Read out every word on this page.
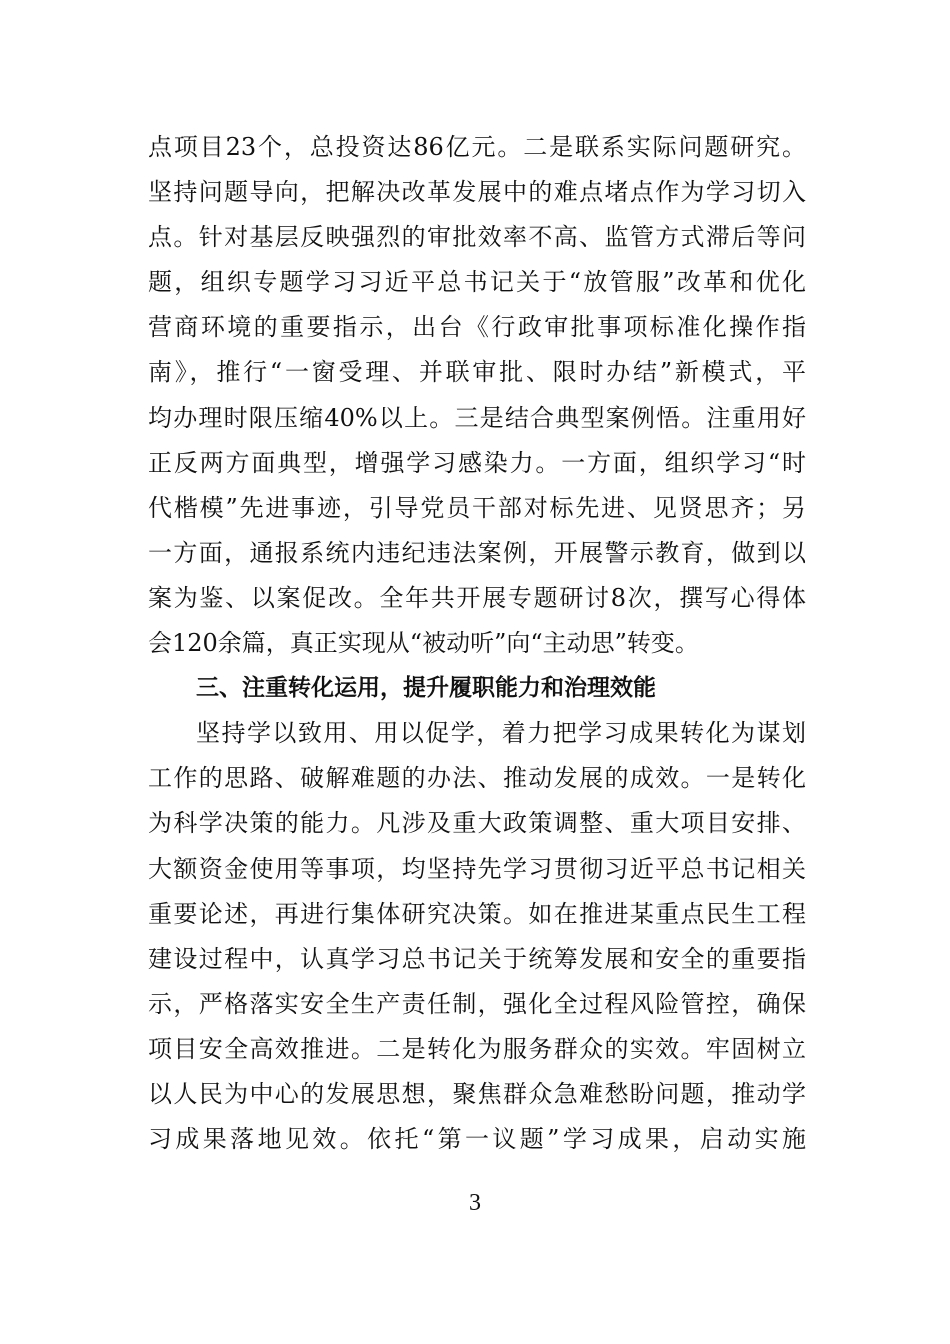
点项目23个，总投资达86亿元。二是联系实际问题研究。
坚持问题导向，把解决改革发展中的难点堵点作为学习切入
点。针对基层反映强烈的审批效率不高、监管方式滞后等问
题，组织专题学习习近平总书记关于“放管服”改革和优化
营商环境的重要指示，出台《行政审批事项标准化操作指
南》，推行“一窗受理、并联审批、限时办结”新模式，平
均办理时限压缩40%以上。三是结合典型案例悟。注重用好
正反两方面典型，增强学习感染力。一方面，组织学习“时
代楷模”先进事迹，引导党员干部对标先进、见贤思齐；另
一方面，通报系统内违纪违法案例，开展警示教育，做到以
案为鉴、以案促改。全年共开展专题研讨8次，撰写心得体
会120余篇，真正实现从“被动听”向“主动思”转变。
三、注重转化运用，提升履职能力和治理效能
坚持学以致用、用以促学，着力把学习成果转化为谋划
工作的思路、破解难题的办法、推动发展的成效。一是转化
为科学决策的能力。凡涉及重大政策调整、重大项目安排、
大额资金使用等事项，均坚持先学习贯彻习近平总书记相关
重要论述，再进行集体研究决策。如在推进某重点民生工程
建设过程中，认真学习总书记关于统筹发展和安全的重要指
示，严格落实安全生产责任制，强化全过程风险管控，确保
项目安全高效推进。二是转化为服务群众的实效。牢固树立
以人民为中心的发展思想，聚焦群众急难愁盼问题，推动学
习成果落地见效。依托“第一议题”学习成果，启动实施
3
